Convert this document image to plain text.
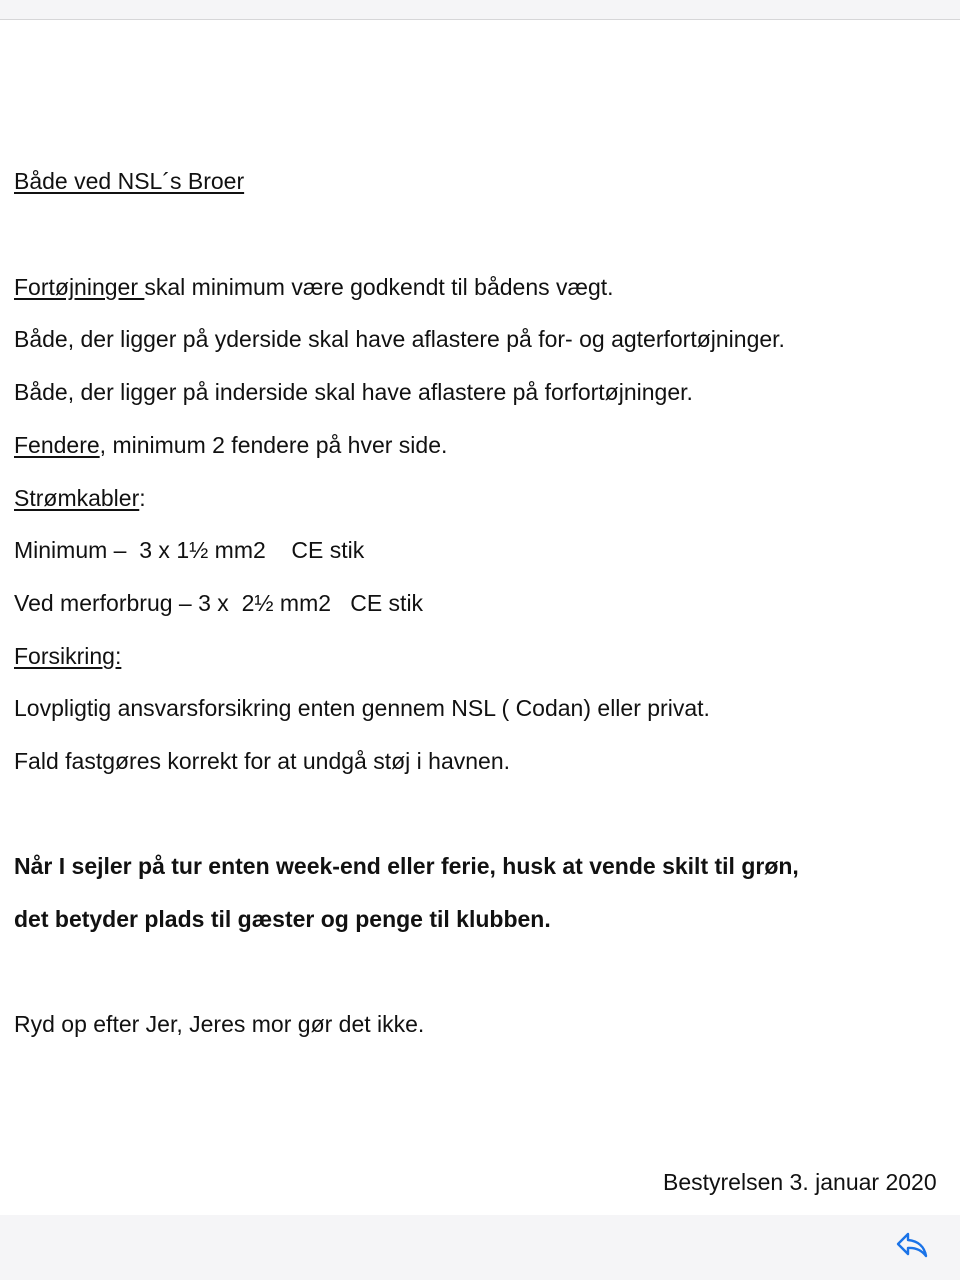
Både ved NSL´s Broer
Fortøjninger skal minimum være godkendt til bådens vægt.
Både, der ligger på yderside skal have aflastere på for- og agterfortøjninger.
Både, der ligger på inderside skal have aflastere på forfortøjninger.
Fendere, minimum 2 fendere på hver side.
Strømkabler:
Minimum –  3 x 1½ mm2    CE stik
Ved merforbrug – 3 x  2½ mm2   CE stik
Forsikring:
Lovpligtig ansvarsforsikring enten gennem NSL ( Codan) eller privat.
Fald fastgøres korrekt for at undgå støj i havnen.
Når I sejler på tur enten week-end eller ferie, husk at vende skilt til grøn,
det betyder plads til gæster og penge til klubben.
Ryd op efter Jer, Jeres mor gør det ikke.
Bestyrelsen 3. januar 2020
